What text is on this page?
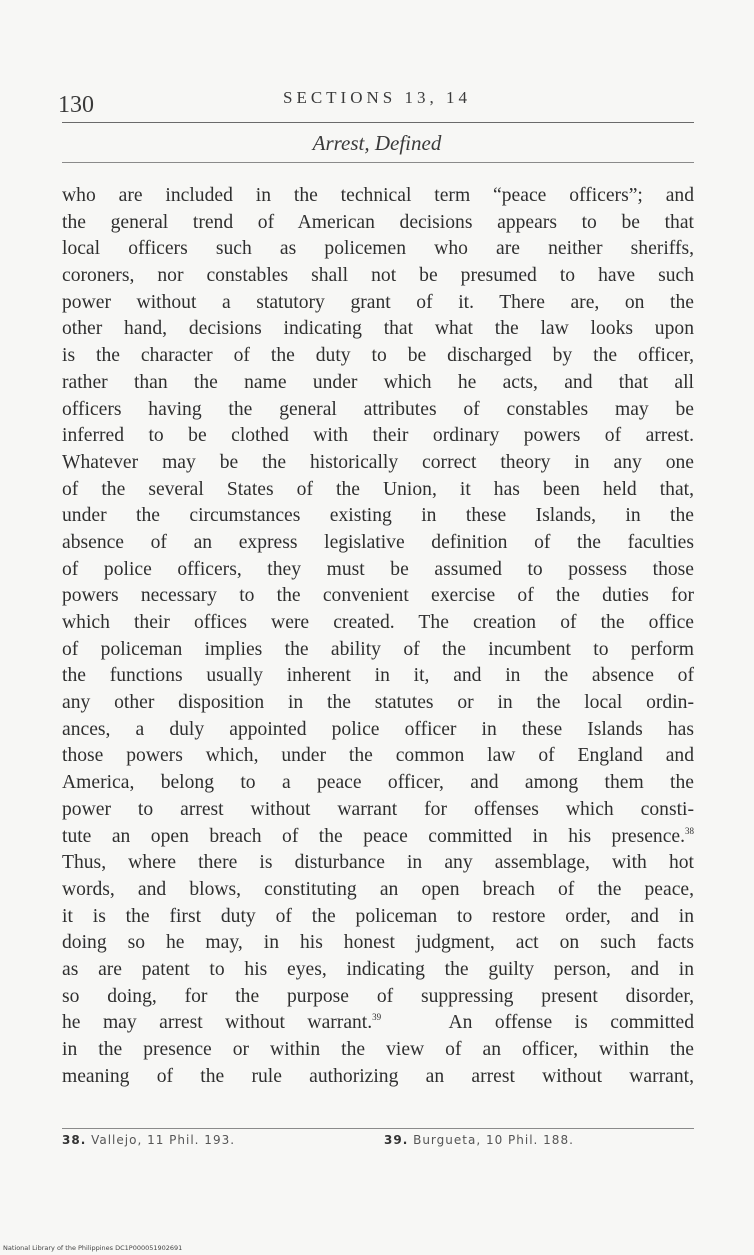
130	SECTIONS 13, 14
Arrest, Defined
who are included in the technical term “peace officers”; and
the general trend of American decisions appears to be that
local officers such as policemen who are neither sheriffs,
coroners, nor constables shall not be presumed to have such
power without a statutory grant of it. There are, on the
other hand, decisions indicating that what the law looks upon
is the character of the duty to be discharged by the officer,
rather than the name under which he acts, and that all
officers having the general attributes of constables may be
inferred to be clothed with their ordinary powers of arrest.
Whatever may be the historically correct theory in any one
of the several States of the Union, it has been held that,
under the circumstances existing in these Islands, in the
absence of an express legislative definition of the faculties
of police officers, they must be assumed to possess those
powers necessary to the convenient exercise of the duties for
which their offices were created. The creation of the office
of policeman implies the ability of the incumbent to perform
the functions usually inherent in it, and in the absence of
any other disposition in the statutes or in the local ordin-
ances, a duly appointed police officer in these Islands has
those powers which, under the common law of England and
America, belong to a peace officer, and among them the
power to arrest without warrant for offenses which consti-
tute an open breach of the peace committed in his presence.$^{38}$
Thus, where there is disturbance in any assemblage, with hot
words, and blows, constituting an open breach of the peace,
it is the first duty of the policeman to restore order, and in
doing so he may, in his honest judgment, act on such facts
as are patent to his eyes, indicating the guilty person, and in
so doing, for the purpose of suppressing present disorder,
he may arrest without warrant.$^{39}$	An offense is committed
in the presence or within the view of an officer, within the
meaning of the rule authorizing an arrest without warrant,
38. Vallejo, 11 Phil. 193.	39. Burgueta, 10 Phil. 188.
National Library of the Philippines DC1P000051902691
